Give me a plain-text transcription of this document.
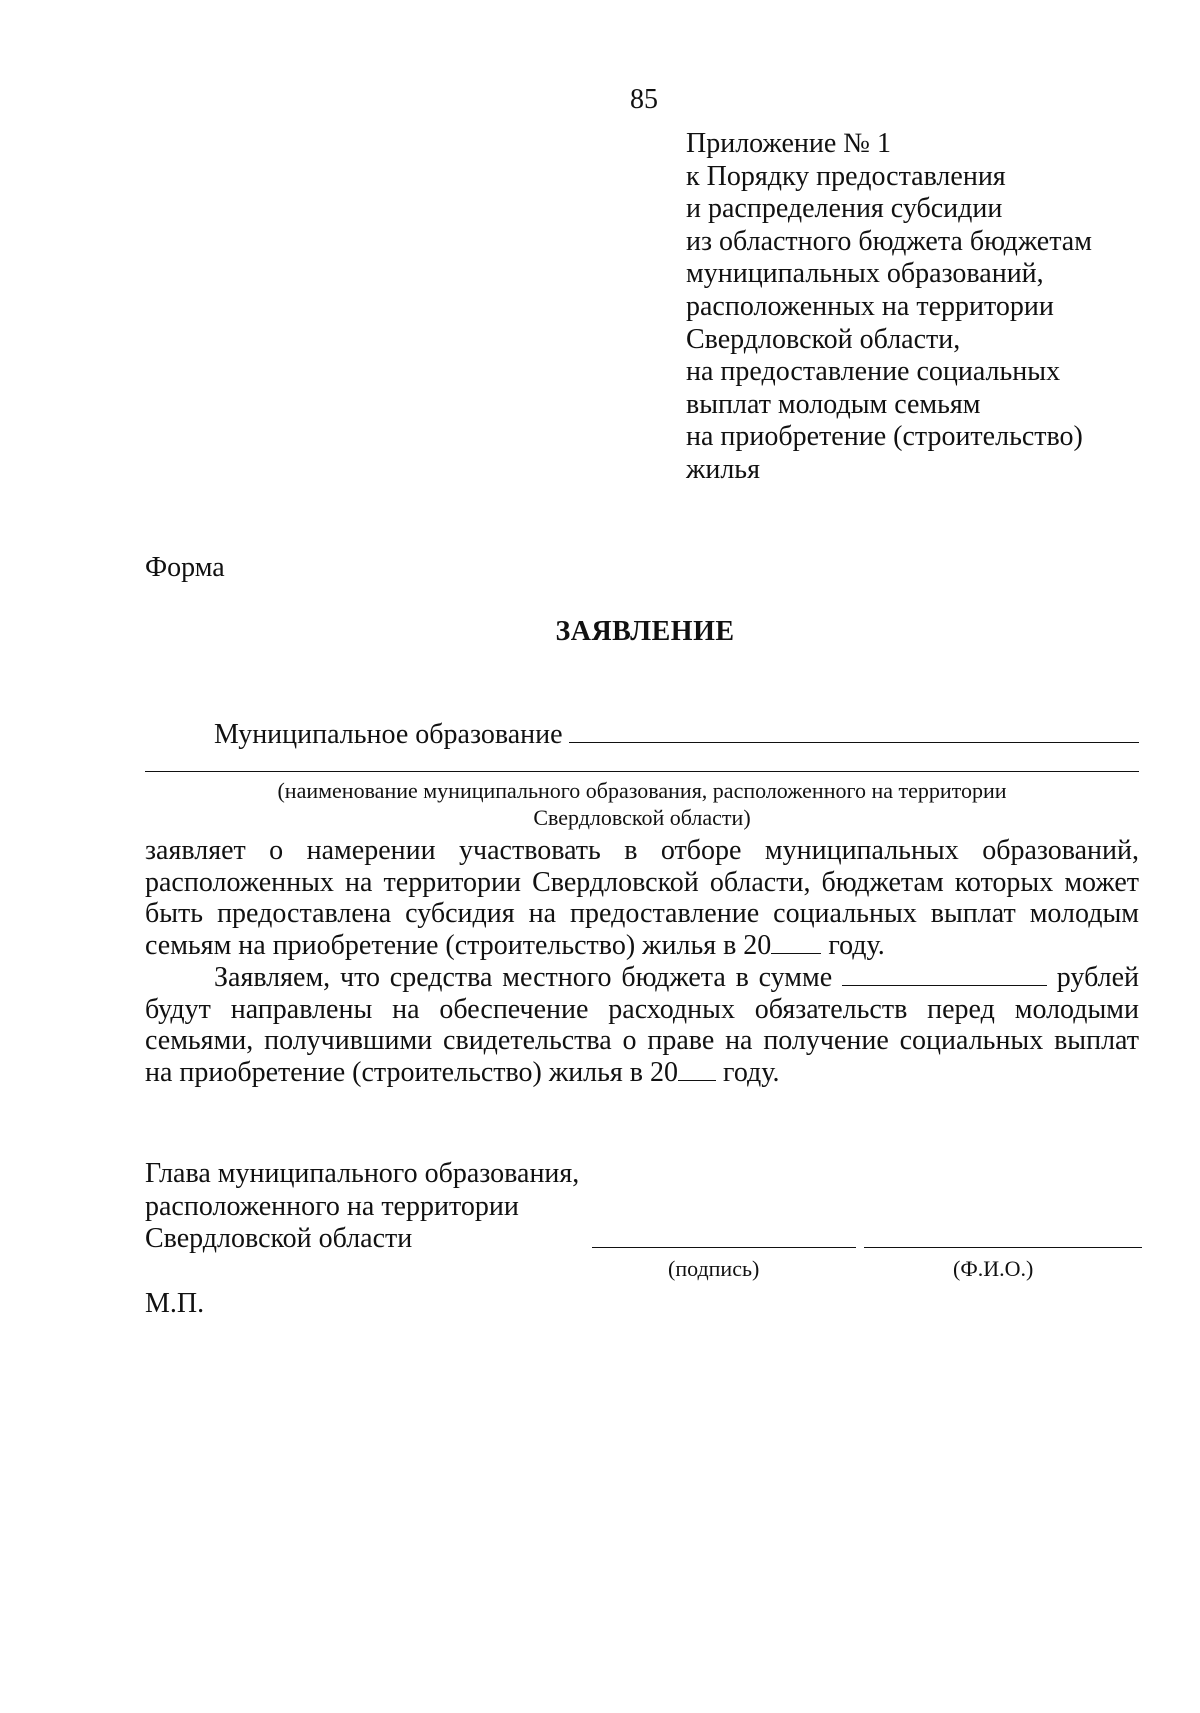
85
Приложение № 1
к Порядку предоставления
и распределения субсидии
из областного бюджета бюджетам
муниципальных образований,
расположенных на территории
Свердловской области,
на предоставление социальных
выплат молодым семьям
на приобретение (строительство)
жилья
Форма
ЗАЯВЛЕНИЕ
Муниципальное образование
(наименование муниципального образования, расположенного на территории
Свердловской области)

заявляет о намерении участвовать в отборе муниципальных образований, расположенных на территории Свердловской области, бюджетам которых может быть предоставлена субсидия на предоставление социальных выплат молодым семьям на приобретение (строительство) жилья в 20 году.

Заявляем, что средства местного бюджета в сумме	рублей будут направлены на обеспечение расходных обязательств перед молодыми семьями, получившими свидетельства о праве на получение социальных выплат на приобретение (строительство) жилья в 20 году.

Глава муниципального образования,
расположенного на территории
Свердловской области
(подпись)	(Ф.И.О.)
М.П.
